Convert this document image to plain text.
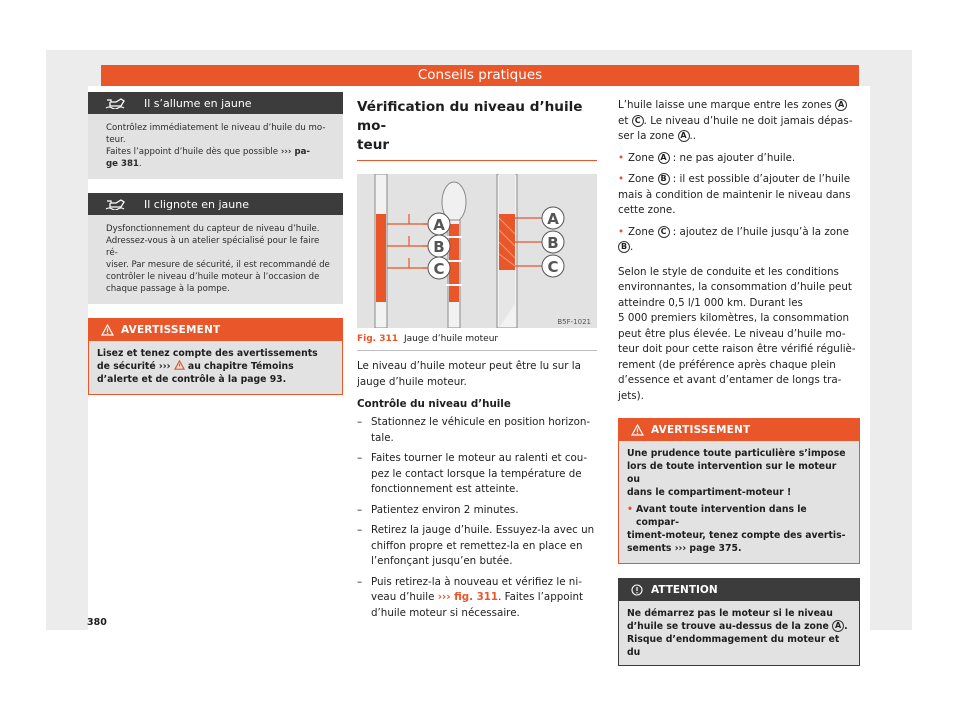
Conseils pratiques
Il s’allume en jaune
Contrôlez immédiatement le niveau d’huile du mo-
teur.
Faites l’appoint d’huile dès que possible ››› pa-
ge 381.
Il clignote en jaune
Dysfonctionnement du capteur de niveau d’huile.
Adressez-vous à un atelier spécialisé pour le faire ré-
viser. Par mesure de sécurité, il est recommandé de
contrôler le niveau d’huile moteur à l’occasion de
chaque passage à la pompe.
AVERTISSEMENT
Lisez et tenez compte des avertissements
de sécurité ››› au chapitre Témoins
d’alerte et de contrôle à la page 93.
Vérification du niveau d’huile mo-
teur
A
B
C
A
B
C
B5F-1021
Fig. 311 Jauge d’huile moteur
Le niveau d’huile moteur peut être lu sur la
jauge d’huile moteur.
Contrôle du niveau d’huile
– Stationnez le véhicule en position horizon-
tale.
– Faites tourner le moteur au ralenti et cou-
pez le contact lorsque la température de
fonctionnement est atteinte.
– Patientez environ 2 minutes.
– Retirez la jauge d’huile. Essuyez-la avec un
chiffon propre et remettez-la en place en
l’enfonçant jusqu’en butée.
– Puis retirez-la à nouveau et vérifiez le ni-
veau d’huile ››› fig. 311. Faites l’appoint
d’huile moteur si nécessaire.
L’huile laisse une marque entre les zones A
et C . Le niveau d’huile ne doit jamais dépas-
ser la zone A ..
• Zone A : ne pas ajouter d’huile.
• Zone B : il est possible d’ajouter de l’huile
mais à condition de maintenir le niveau dans
cette zone.
• Zone C : ajoutez de l’huile jusqu’à la zone
B .
Selon le style de conduite et les conditions
environnantes, la consommation d’huile peut
atteindre 0,5 l/1 000 km. Durant les
5 000 premiers kilomètres, la consommation
peut être plus élevée. Le niveau d’huile mo-
teur doit pour cette raison être vérifié réguliè-
rement (de préférence après chaque plein
d’essence et avant d’entamer de longs tra-
jets).
AVERTISSEMENT
Une prudence toute particulière s’impose
lors de toute intervention sur le moteur ou
dans le compartiment-moteur !
• Avant toute intervention dans le compar-
timent-moteur, tenez compte des avertis-
sements ››› page 375.
ATTENTION
Ne démarrez pas le moteur si le niveau
d’huile se trouve au-dessus de la zone A .
Risque d’endommagement du moteur et du
380
